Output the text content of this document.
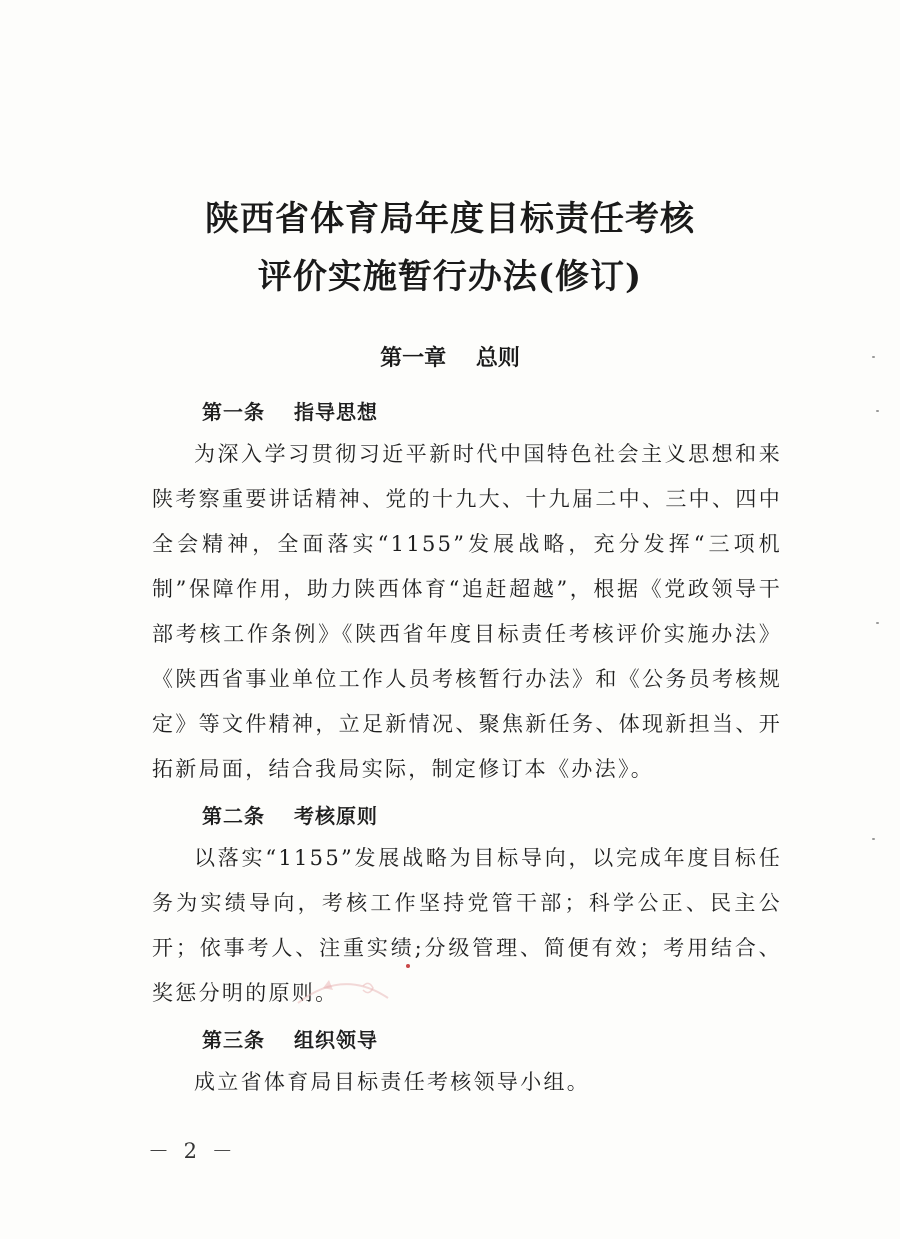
陕西省体育局年度目标责任考核
评价实施暂行办法(修订)
第一章　 总则
第一条　 指导思想

为深入学习贯彻习近平新时代中国特色社会主义思想和来陕考察重要讲话精神、党的十九大、十九届二中、三中、四中全会精神，全面落实“1155”发展战略，充分发挥“三项机制”保障作用，助力陕西体育“追赶超越”，根据《党政领导干部考核工作条例》《陕西省年度目标责任考核评价实施办法》《陕西省事业单位工作人员考核暂行办法》和《公务员考核规定》等文件精神，立足新情况、聚焦新任务、体现新担当、开拓新局面，结合我局实际，制定修订本《办法》。

第二条　 考核原则

以落实“1155”发展战略为目标导向，以完成年度目标任务为实绩导向，考核工作坚持党管干部；科学公正、民主公开；依事考人、注重实绩;分级管理、简便有效；考用结合、奖惩分明的原则。

第三条　 组织领导

成立省体育局目标责任考核领导小组。

－ 2 －
